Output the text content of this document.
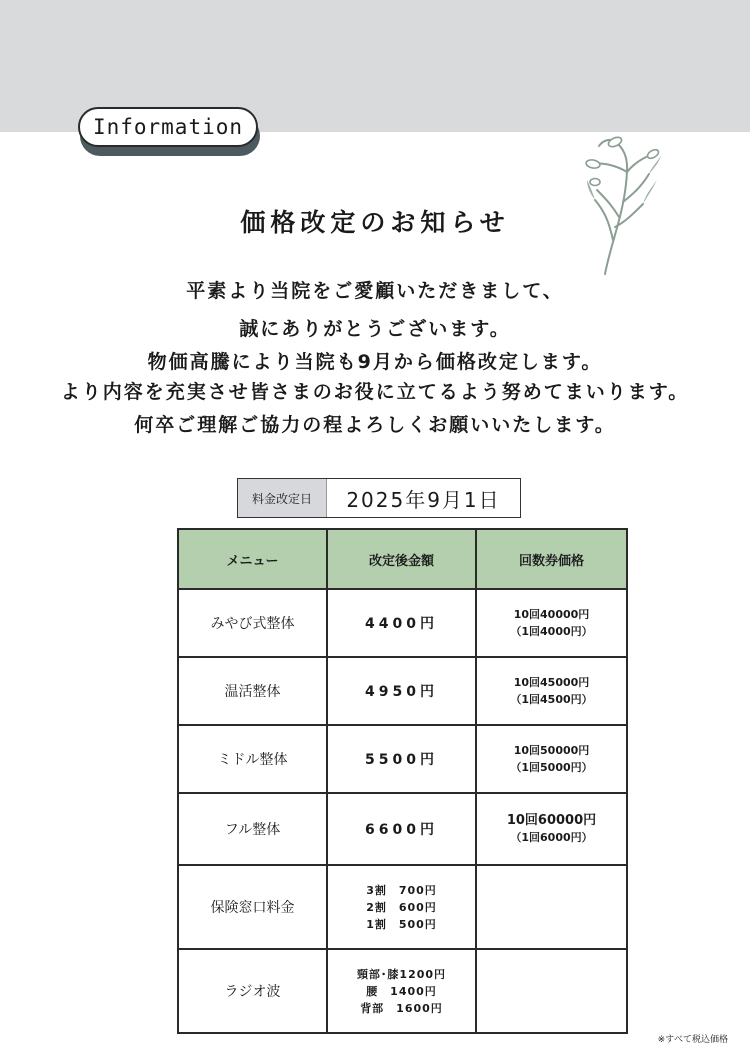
Information
価格改定のお知らせ
平素より当院をご愛顧いただきまして、
誠にありがとうございます。
物価高騰により当院も9月から価格改定します。
より内容を充実させ皆さまのお役に立てるよう努めてまいります。
何卒ご理解ご協力の程よろしくお願いいたします。
料金改定日	2025年9月1日
メニュー	改定後金額	回数券価格
みやび式整体	4400円	10回40000円
（1回4000円）

温活整体	4950円	10回45000円
（1回4500円）

ミドル整体	5500円	10回50000円
（1回5000円）

フル整体	6600円	10回60000円
（1回6000円）

保険窓口料金	3割　700円
2割　600円
1割　500円	

ラジオ波	頸部･膝1200円
腰　1400円
背部　1600円	

※すべて税込価格
